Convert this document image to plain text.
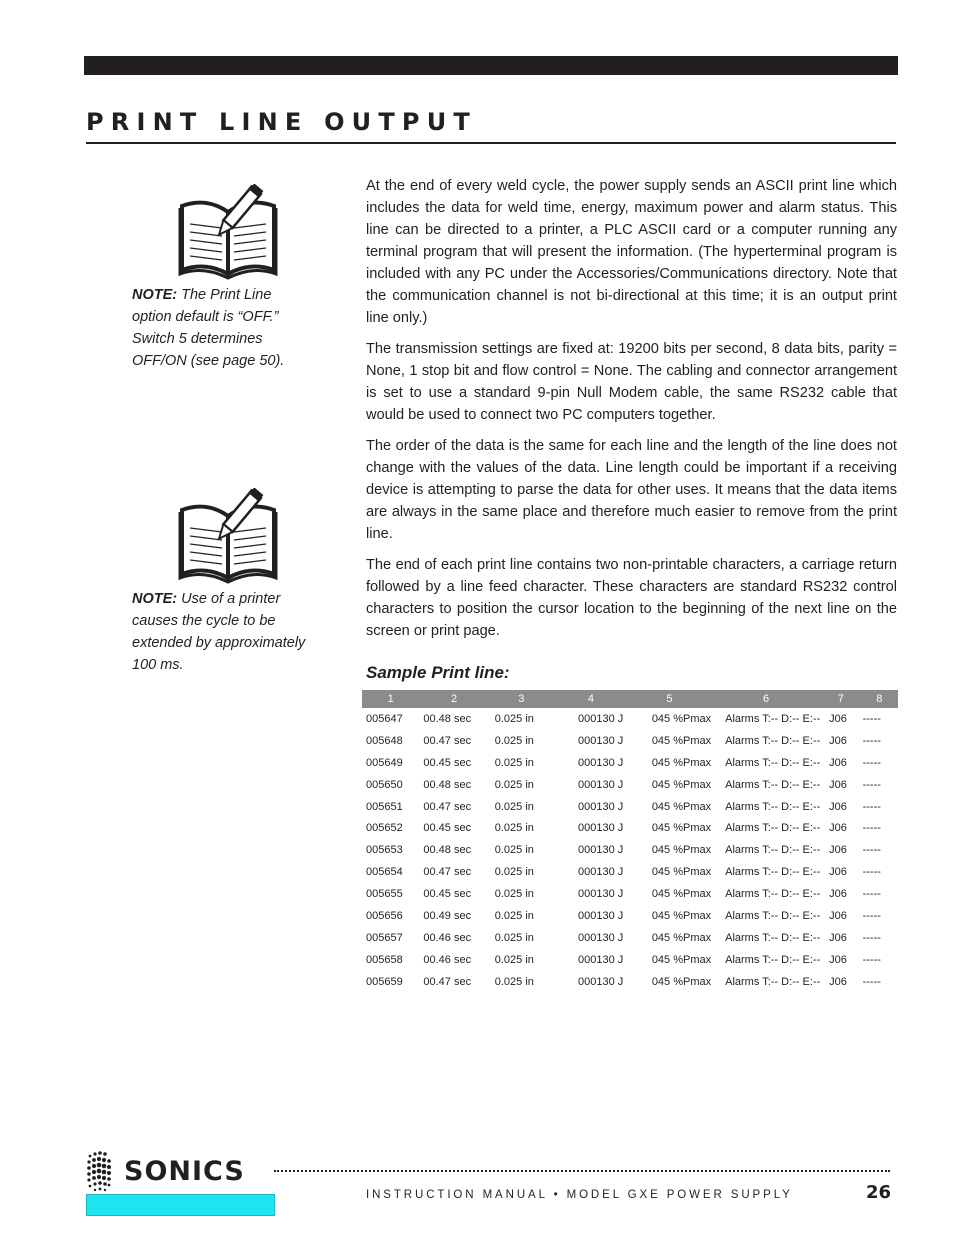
PRINT LINE OUTPUT

NOTE: The Print Line option default is “OFF.” Switch 5 determines OFF/ON (see page 50).

NOTE: Use of a printer causes the cycle to be extended by approximately 100 ms.

At the end of every weld cycle, the power supply sends an ASCII print line which includes the data for weld time, energy, maximum power and alarm status. This line can be directed to a printer, a PLC ASCII card or a computer running any terminal program that will present the information. (The hyperterminal program is included with any PC under the Accessories/Communications directory. Note that the communication channel is not bi-directional at this time; it is an output print line only.)

The transmission settings are fixed at: 19200 bits per second, 8 data bits, parity = None, 1 stop bit and flow control = None. The cabling and connector arrangement is set to use a standard 9-pin Null Modem cable, the same RS232 cable that would be used to connect two PC computers together.

The order of the data is the same for each line and the length of the line does not change with the values of the data. Line length could be important if a receiving device is attempting to parse the data for other uses. It means that the data items are always in the same place and therefore much easier to remove from the print line.

The end of each print line contains two non-printable characters, a carriage return followed by a line feed character. These characters are standard RS232 control characters to position the cursor location to the beginning of the next line on the screen or print page.

Sample Print line:
1	2	3	4	5	6	7	8
005647	00.48 sec	0.025 in	000130 J	045 %Pmax	Alarms T:-- D:-- E:--	J06	-----
005648	00.47 sec	0.025 in	000130 J	045 %Pmax	Alarms T:-- D:-- E:--	J06	-----
005649	00.45 sec	0.025 in	000130 J	045 %Pmax	Alarms T:-- D:-- E:--	J06	-----
005650	00.48 sec	0.025 in	000130 J	045 %Pmax	Alarms T:-- D:-- E:--	J06	-----
005651	00.47 sec	0.025 in	000130 J	045 %Pmax	Alarms T:-- D:-- E:--	J06	-----
005652	00.45 sec	0.025 in	000130 J	045 %Pmax	Alarms T:-- D:-- E:--	J06	-----
005653	00.48 sec	0.025 in	000130 J	045 %Pmax	Alarms T:-- D:-- E:--	J06	-----
005654	00.47 sec	0.025 in	000130 J	045 %Pmax	Alarms T:-- D:-- E:--	J06	-----
005655	00.45 sec	0.025 in	000130 J	045 %Pmax	Alarms T:-- D:-- E:--	J06	-----
005656	00.49 sec	0.025 in	000130 J	045 %Pmax	Alarms T:-- D:-- E:--	J06	-----
005657	00.46 sec	0.025 in	000130 J	045 %Pmax	Alarms T:-- D:-- E:--	J06	-----
005658	00.46 sec	0.025 in	000130 J	045 %Pmax	Alarms T:-- D:-- E:--	J06	-----
005659	00.47 sec	0.025 in	000130 J	045 %Pmax	Alarms T:-- D:-- E:--	J06	-----
SONICS
INSTRUCTION MANUAL • MODEL GXE POWER SUPPLY	26
